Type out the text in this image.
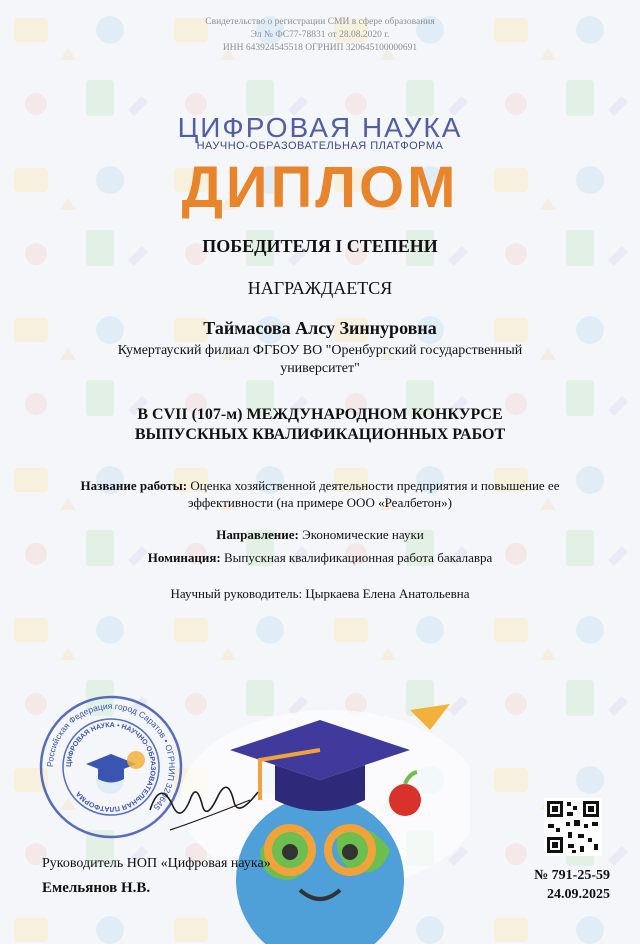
Свидетельство о регистрации СМИ в сфере образования
Эл № ФС77-78831 от 28.08.2020 г.
ИНН 643924545518 ОГРНИП 320645100000691
ЦИФРОВАЯ НАУКА
НАУЧНО-ОБРАЗОВАТЕЛЬНАЯ ПЛАТФОРМА
ДИПЛОМ
ПОБЕДИТЕЛЯ I СТЕПЕНИ
НАГРАЖДАЕТСЯ
Таймасова Алсу Зиннуровна
Кумертауский филиал ФГБОУ ВО "Оренбургский государственный университет"
В CVII (107-м) МЕЖДУНАРОДНОМ КОНКУРСЕ
ВЫПУСКНЫХ КВАЛИФИКАЦИОННЫХ РАБОТ
Название работы: Оценка хозяйственной деятельности предприятия и повышение ее эффективности (на примере ООО «Реалбетон»)
Направление: Экономические науки
Номинация: Выпускная квалификационная работа бакалавра
Научный руководитель: Цыркаева Елена Анатольевна
Российская Федерация город Саратов • ОГРНИП 320645
ЦИФРОВАЯ НАУКА • НАУЧНО-ОБРАЗОВАТЕЛЬНАЯ ПЛАТФОРМА
Руководитель НОП «Цифровая наука»
Емельянов Н.В.
№ 791-25-59
24.09.2025
